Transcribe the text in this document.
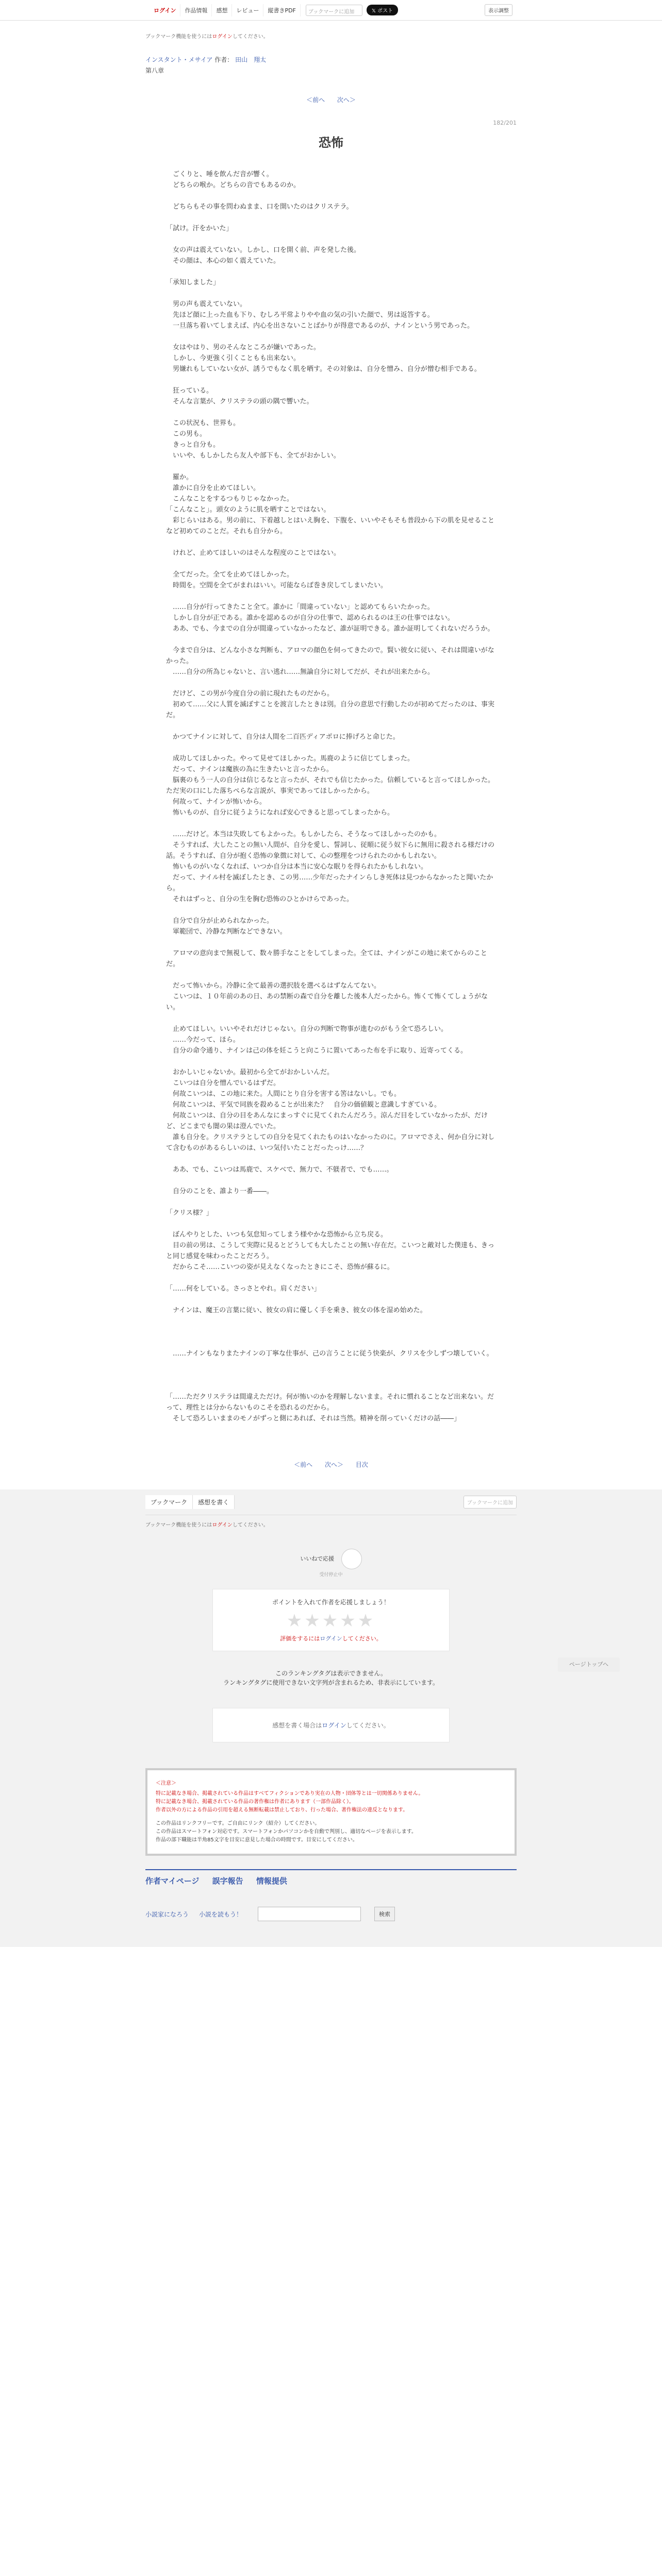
ログイン	作品情報	感想	レビュー	縦書きPDF	ブックマークに追加	𝕏 ポスト	表示調整
ブックマーク機能を使うにはログインしてください。
インスタント・メサイア 作者： 田山　翔太
第八章
＜前へ 次へ＞
182/201
恐怖

　ごくりと、唾を飲んだ音が響く。

　どちらの喉か。どちらの音でもあるのか。

　どちらもその事を問わぬまま、口を開いたのはクリステラ。

「試け。汗をかいた」

　女の声は震えていない。しかし、口を開く前、声を発した後。

　その顔は、本心の如く震えていた。

「承知しました」

　男の声も震えていない。

　先ほど顔に上った血も下り、むしろ平常よりやや血の気の引いた顔で、男は返答する。

　一旦落ち着いてしまえば、内心を出さないことばかりが得意であるのが、ナインという男であった。

　女はやはり、男のそんなところが嫌いであった。

　しかし、今更強く引くこともも出来ない。

　男嫌れもしていない女が、誘うでもなく肌を晒す。その対象は、自分を憎み、自分が憎む相手である。

　狂っている。

　そんな言葉が、クリステラの頭の隅で響いた。

　この状況も、世界も。

　この男も。

　きっと自分も。

　いいや、もしかしたら友人や部下も、全てがおかしい。

　羅か。

　誰かに自分を止めてほしい。

　こんなことをするつもりじゃなかった。

「こんなこと」。頭女のように肌を晒すことではない。

　彩じらいはある。男の前に、下着越しとはいえ胸を、下腹を、いいやそもそも普段から下の肌を見せることなど初めてのことだ。それも自分から。

　けれど、止めてほしいのはそんな程度のことではない。

　全てだった。全てを止めてほしかった。

　時間を。空間を全てがまれはいい。可能ならば巻き戻してしまいたい。

　……自分が行ってきたこと全て。誰かに「間違っていない」と認めてもらいたかった。

　しかし自分が正である。誰かを認めるのが自分の仕事で、認められるのは王の仕事ではない。

　ああ、でも、今までの自分が間違っていなかったなど、誰が証明できる。誰か証明してくれないだろうか。

　今まで自分は、どんな小さな判断も、アロマの顔色を伺ってきたので。賢い彼女に従い、それは間違いがなかった。

　……自分の所為じゃないと、言い逃れ……無論自分に対してだが、それが出来たから。

　だけど、この男が今度自分の前に現れたものだから。

　初めて……父に人質を滅ぼすことを渡言したときは別。自分の意思で行動したのが初めてだったのは、事実だ。

　かつてナインに対して、自分は人間を二百匹ディアポロに捧げろと命じた。

　成功してほしかった。やって見せてほしかった。馬鹿のように信じてしまった。

　だって、ナインは魔族の為に生きたいと言ったから。

　脳裏のもう一人の自分は信じるなと言ったが、それでも信じたかった。信頼していると言ってほしかった。ただ実の口にした落ちぺらな言説が、事実であってほしかったから。

　何故って、ナインが怖いから。

　怖いものが、自分に従うようになれば安心できると思ってしまったから。

　……だけど。本当は失敗してもよかった。もしかしたら、そうなってほしかったのかも。

　そうすれば、大したことの無い人間が、自分を愛し、誓詞し、従順に従う奴下らに無用に殺される様だけの話。そうすれば、自分が抱く恐怖の象徴に対して、心の整理をつけられたのかもしれない。

　怖いものがいなくなれば、いつか自分は本当に安心な眠りを得られたかもしれない。

　だって、ナイル村を滅ぼしたとき、この男……少年だったナインらしき死体は見つからなかったと聞いたから。

　それはずっと、自分の生を胸む恐怖のひとかけらであった。

　自分で自分が止められなかった。

　軍範団で、冷静な判断などできない。

　アロマの意向まで無視して、数々勝手なことをしてしまった。全ては、ナインがこの地に来てからのことだ。

　だって怖いから。冷静に全て最善の選択肢を選べるはずなんてない。

　こいつは、１０年前のあの日、あの禁断の森で自分を離した後本人だったから。怖くて怖くてしょうがない。

　止めてほしい。いいやそれだけじゃない。自分の判断で物事が進むのがもう全て恐ろしい。

　……今だって、ほら。

　自分の命令通り、ナインは己の体を妊こうと向こうに置いてあった布を手に取り、近寄ってくる。

　おかしいじゃないか。最初から全てがおかしいんだ。

　こいつは自分を憎んでいるはずだ。

　何故こいつは、この地に来た。人間にとり自分を害する筈はないし。でも。

　何故こいつは、平気で同族を殺めることが出来た？　自分の価値観と意識しすぎている。

　何故こいつは、自分の目をあんなにまっすぐに見てくれたんだろう。涼んだ目をしていなかったが、だけど、どこまでも闇の果は澄んでいた。

　誰も自分を。クリステラとしての自分を見てくれたものはいなかったのに。アロマでさえ、何か自分に対して含むものがあるらしいのは、いつ気付いたことだったっけ……？

　ああ、でも、こいつは馬鹿で、スケベで、無力で、不躾者で、でも……。

　自分のことを、誰より一番――。

「クリス様？」

　ぼんやりとした、いつも気怠知ってしまう様やかな恐怖から立ち戻る。

　目の前の男は、こうして実際に見るとどうしても大したことの無い存在だ。こいつと敵対した僕達も、きっと同じ感覚を味わったことだろう。

　だからこそ……こいつの姿が見えなくなったときにこそ、恐怖が蘇るに。

「……何をしている。さっさとやれ。肩ください」

　ナインは、魔王の言葉に従い、彼女の肩に優しく手を乗き、彼女の体を湿め始めた。

　……ナインもなりまたナインの丁寧な仕事が、己の言うことに従う快楽が、クリスを少しずつ壊していく。

「……ただクリステラは間違えただけ。何が怖いのかを理解しないまま。それに慣れることなど出来ない。だって、理性とは分からないものこそを恐れるのだから。

　そして恐ろしいままのモノがずっと側にあれば、それは当然。精神を削っていくだけの話――」

＜前へ 次へ＞ 目次
ページトップへ
ブックマーク	感想を書く	ブックマークに追加
ブックマーク機能を使うにはログインしてください。
いいねで応援
受付停止中
ポイントを入れて作者を応援しましょう！
★★★★★
評価をするにはログインしてください。
このランキングタグは表示できません。
ランキングタグに使用できない文字列が含まれるため、非表示にしています。
感想を書く場合はログインしてください。
＜注意＞
特に記載なき場合、掲載されている作品はすべてフィクションであり実在の人物・団体等とは一切関係ありません。
特に記載なき場合、掲載されている作品の著作権は作者にあります（一部作品除く）。
作者以外の方による作品の引用を超える無断転載は禁止しており、行った場合、著作権法の違反となります。
この作品はリンクフリーです。ご自由にリンク（紹介）してください。
この作品はスマートフォン対応です。スマートフォンかパソコンかを自動で判別し、適切なページを表示します。
作品の部下職能は半角85文字を目安に意見した場合の時間です。目安にしてください。
作者マイページ 誤字報告 情報提供
小説家になろう 小説を読もう！	検索
